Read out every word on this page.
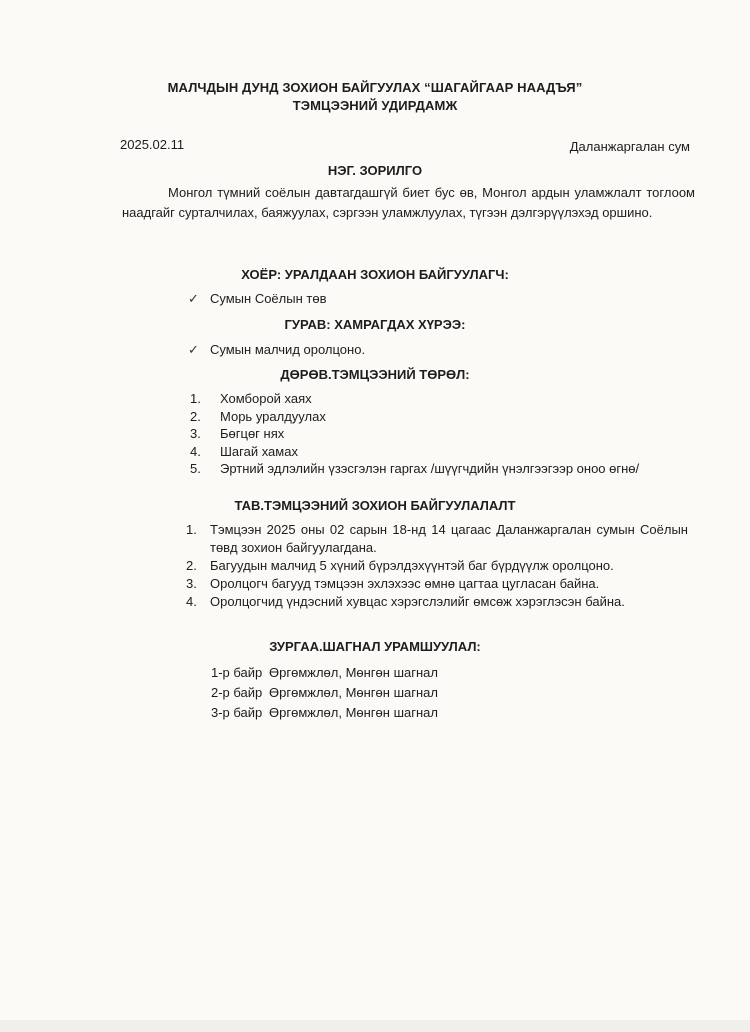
МАЛЧДЫН ДУНД ЗОХИОН БАЙГУУЛАХ “ШАГАЙГААР НААДЪЯ”
ТЭМЦЭЭНИЙ УДИРДАМЖ
2025.02.11	Даланжаргалан сум
НЭГ. ЗОРИЛГО
Монгол түмний соёлын давтагдашгүй биет бус өв, Монгол ардын уламжлалт тоглоом наадгайг сурталчилах, баяжуулах, сэргээн уламжлуулах, түгээн дэлгэрүүлэхэд оршино.
ХОЁР: УРАЛДААН ЗОХИОН БАЙГУУЛАГЧ:
✓ Сумын Соёлын төв
ГУРАВ: ХАМРАГДАХ ХҮРЭЭ:
✓ Сумын малчид оролцоно.
ДӨРӨВ.ТЭМЦЭЭНИЙ ТӨРӨЛ:
1. Хомборой хаях
2. Морь уралдуулах
3. Бөгцөг нях
4. Шагай хамах
5. Эртний эдлэлийн үзэсгэлэн гаргах /шүүгчдийн үнэлгээгээр оноо өгнө/
ТАВ.ТЭМЦЭЭНИЙ ЗОХИОН БАЙГУУЛАЛАЛТ
1. Тэмцээн 2025 оны 02 сарын 18-нд 14 цагаас Даланжаргалан сумын Соёлын төвд зохион байгуулагдана.
2. Багуудын малчид 5 хүний бүрэлдэхүүнтэй баг бүрдүүлж оролцоно.
3. Оролцогч багууд тэмцээн эхлэхээс өмнө цагтаа цугласан байна.
4. Оролцогчид үндэсний хувцас хэрэгслэлийг өмсөж хэрэглэсэн байна.
ЗУРГАА.ШАГНАЛ УРАМШУУЛАЛ:
1-р байр Өргөмжлөл, Мөнгөн шагнал
2-р байр Өргөмжлөл, Мөнгөн шагнал
3-р байр Өргөмжлөл, Мөнгөн шагнал
